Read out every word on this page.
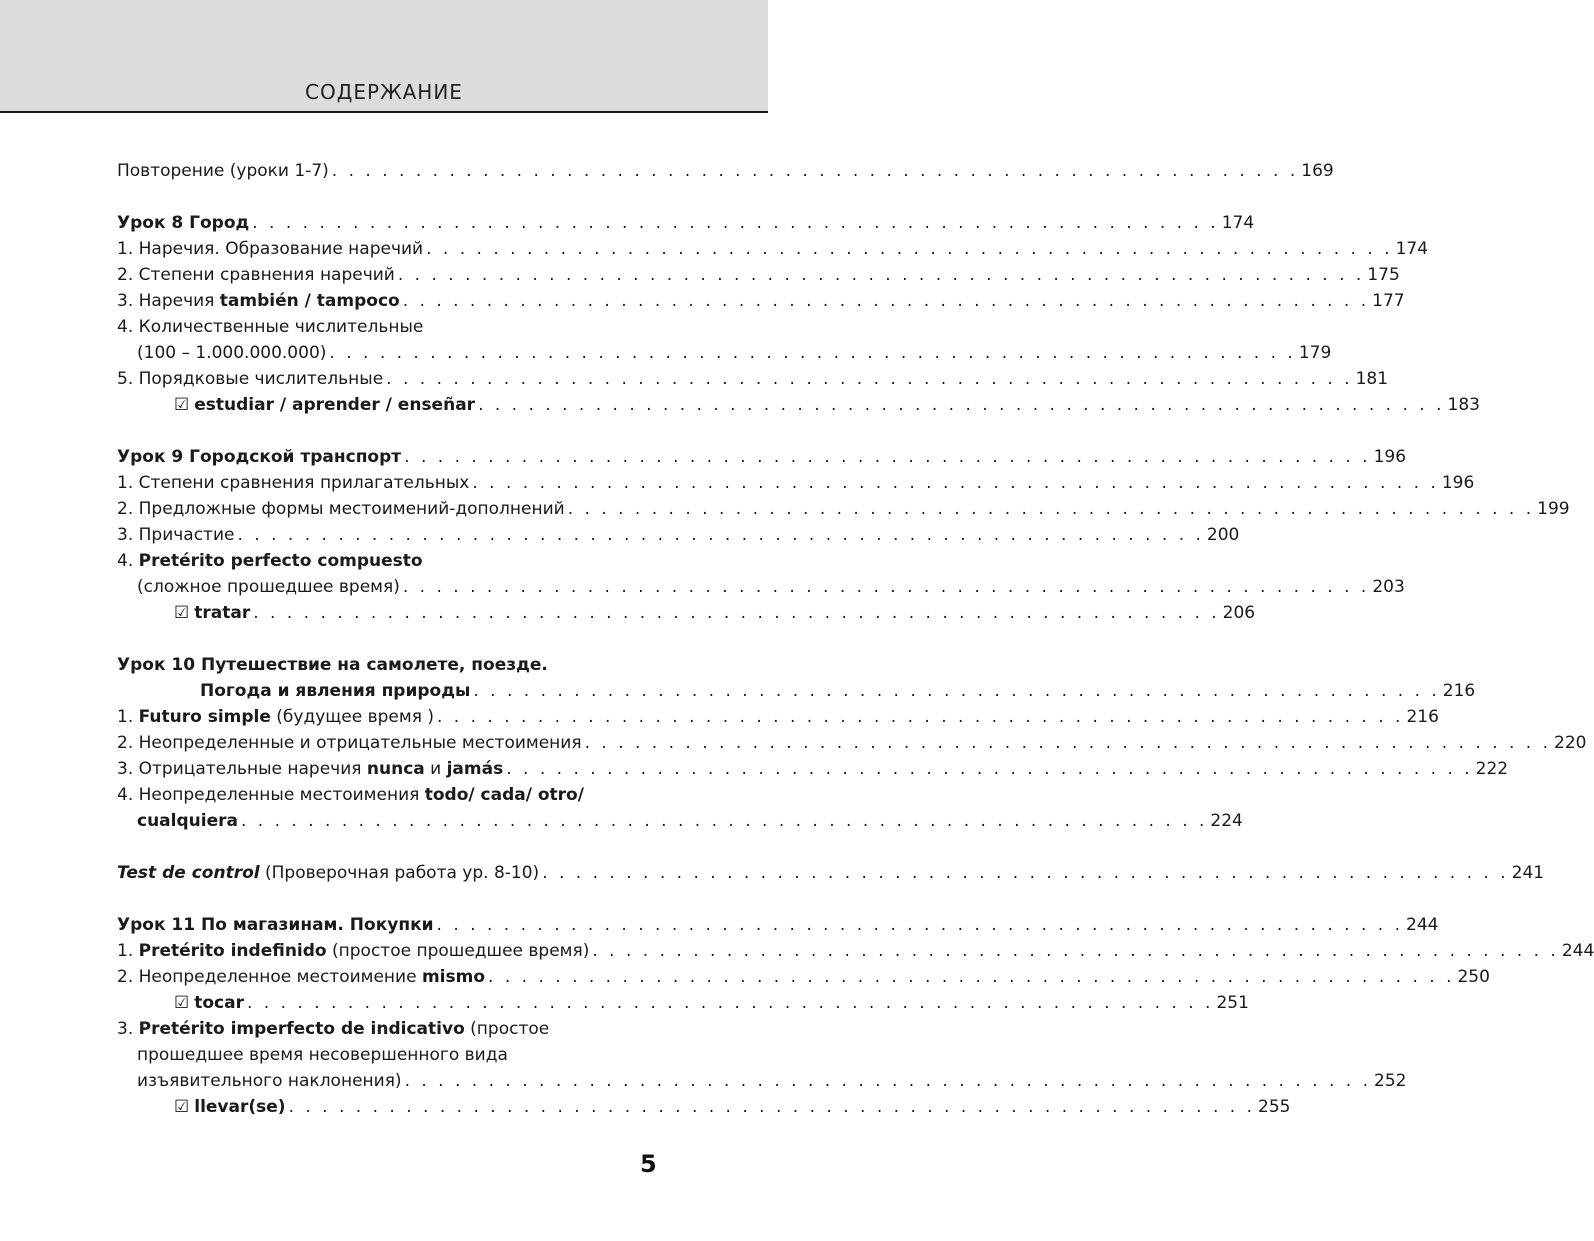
СОДЕРЖАНИЕ
Повторение (уроки 1-7) . . . . . . . . . . . . . . . . . . . . . . . . . . . . . . . . . . . . . . . . . . . . . . . . . . . . . . . . . . 169
Урок 8 Город . . . . . . . . . . . . . . . . . . . . . . . . . . . . . . . . . . . . . . . . . . . . . . . . . . . . . . . . . . 174
1. Наречия. Образование наречий . . . . . . . . . . . . . . . . . . . . . . . . . . . . . . . . . . . . . . . . . . . . . . . . . . . . . . . . . . 174
2. Степени сравнения наречий . . . . . . . . . . . . . . . . . . . . . . . . . . . . . . . . . . . . . . . . . . . . . . . . . . . . . . . . . . 175
3. Наречия también / tampoco . . . . . . . . . . . . . . . . . . . . . . . . . . . . . . . . . . . . . . . . . . . . . . . . . . . . . . . . . . 177
4. Количественные числительные
(100 – 1.000.000.000) . . . . . . . . . . . . . . . . . . . . . . . . . . . . . . . . . . . . . . . . . . . . . . . . . . . . . . . . . . 179
5. Порядковые числительные . . . . . . . . . . . . . . . . . . . . . . . . . . . . . . . . . . . . . . . . . . . . . . . . . . . . . . . . . . 181
☑ estudiar / aprender / enseñar . . . . . . . . . . . . . . . . . . . . . . . . . . . . . . . . . . . . . . . . . . . . . . . . . . . . . . . . . . 183
Урок 9 Городской транспорт . . . . . . . . . . . . . . . . . . . . . . . . . . . . . . . . . . . . . . . . . . . . . . . . . . . . . . . . . . 196
1. Степени сравнения прилагательных . . . . . . . . . . . . . . . . . . . . . . . . . . . . . . . . . . . . . . . . . . . . . . . . . . . . . . . . . . 196
2. Предложные формы местоимений-дополнений . . . . . . . . . . . . . . . . . . . . . . . . . . . . . . . . . . . . . . . . . . . . . . . . . . . . . . . . . . 199
3. Причастие . . . . . . . . . . . . . . . . . . . . . . . . . . . . . . . . . . . . . . . . . . . . . . . . . . . . . . . . . . 200
4. Pretérito perfecto compuesto
(сложное прошедшее время) . . . . . . . . . . . . . . . . . . . . . . . . . . . . . . . . . . . . . . . . . . . . . . . . . . . . . . . . . . 203
☑ tratar . . . . . . . . . . . . . . . . . . . . . . . . . . . . . . . . . . . . . . . . . . . . . . . . . . . . . . . . . . 206
Урок 10 Путешествие на самолете, поезде.
Погода и явления природы . . . . . . . . . . . . . . . . . . . . . . . . . . . . . . . . . . . . . . . . . . . . . . . . . . . . . . . . . . 216
1. Futuro simple (будущее время ) . . . . . . . . . . . . . . . . . . . . . . . . . . . . . . . . . . . . . . . . . . . . . . . . . . . . . . . . . . 216
2. Неопределенные и отрицательные местоимения . . . . . . . . . . . . . . . . . . . . . . . . . . . . . . . . . . . . . . . . . . . . . . . . . . . . . . . . . . 220
3. Отрицательные наречия nunca и jamás . . . . . . . . . . . . . . . . . . . . . . . . . . . . . . . . . . . . . . . . . . . . . . . . . . . . . . . . . . 222
4. Неопределенные местоимения todo/ cada/ otro/
cualquiera . . . . . . . . . . . . . . . . . . . . . . . . . . . . . . . . . . . . . . . . . . . . . . . . . . . . . . . . . . 224
Test de control (Проверочная работа ур. 8-10) . . . . . . . . . . . . . . . . . . . . . . . . . . . . . . . . . . . . . . . . . . . . . . . . . . . . . . . . . . 241
Урок 11 По магазинам. Покупки . . . . . . . . . . . . . . . . . . . . . . . . . . . . . . . . . . . . . . . . . . . . . . . . . . . . . . . . . . 244
1. Pretérito indefinido (простое прошедшее время) . . . . . . . . . . . . . . . . . . . . . . . . . . . . . . . . . . . . . . . . . . . . . . . . . . . . . . . . . . 244
2. Неопределенное местоимение mismo . . . . . . . . . . . . . . . . . . . . . . . . . . . . . . . . . . . . . . . . . . . . . . . . . . . . . . . . . . 250
☑ tocar . . . . . . . . . . . . . . . . . . . . . . . . . . . . . . . . . . . . . . . . . . . . . . . . . . . . . . . . . . 251
3. Pretérito imperfecto de indicativo (простое
прошедшее время несовершенного вида
изъявительного наклонения) . . . . . . . . . . . . . . . . . . . . . . . . . . . . . . . . . . . . . . . . . . . . . . . . . . . . . . . . . . 252
☑ llevar(se) . . . . . . . . . . . . . . . . . . . . . . . . . . . . . . . . . . . . . . . . . . . . . . . . . . . . . . . . . . 255
5
